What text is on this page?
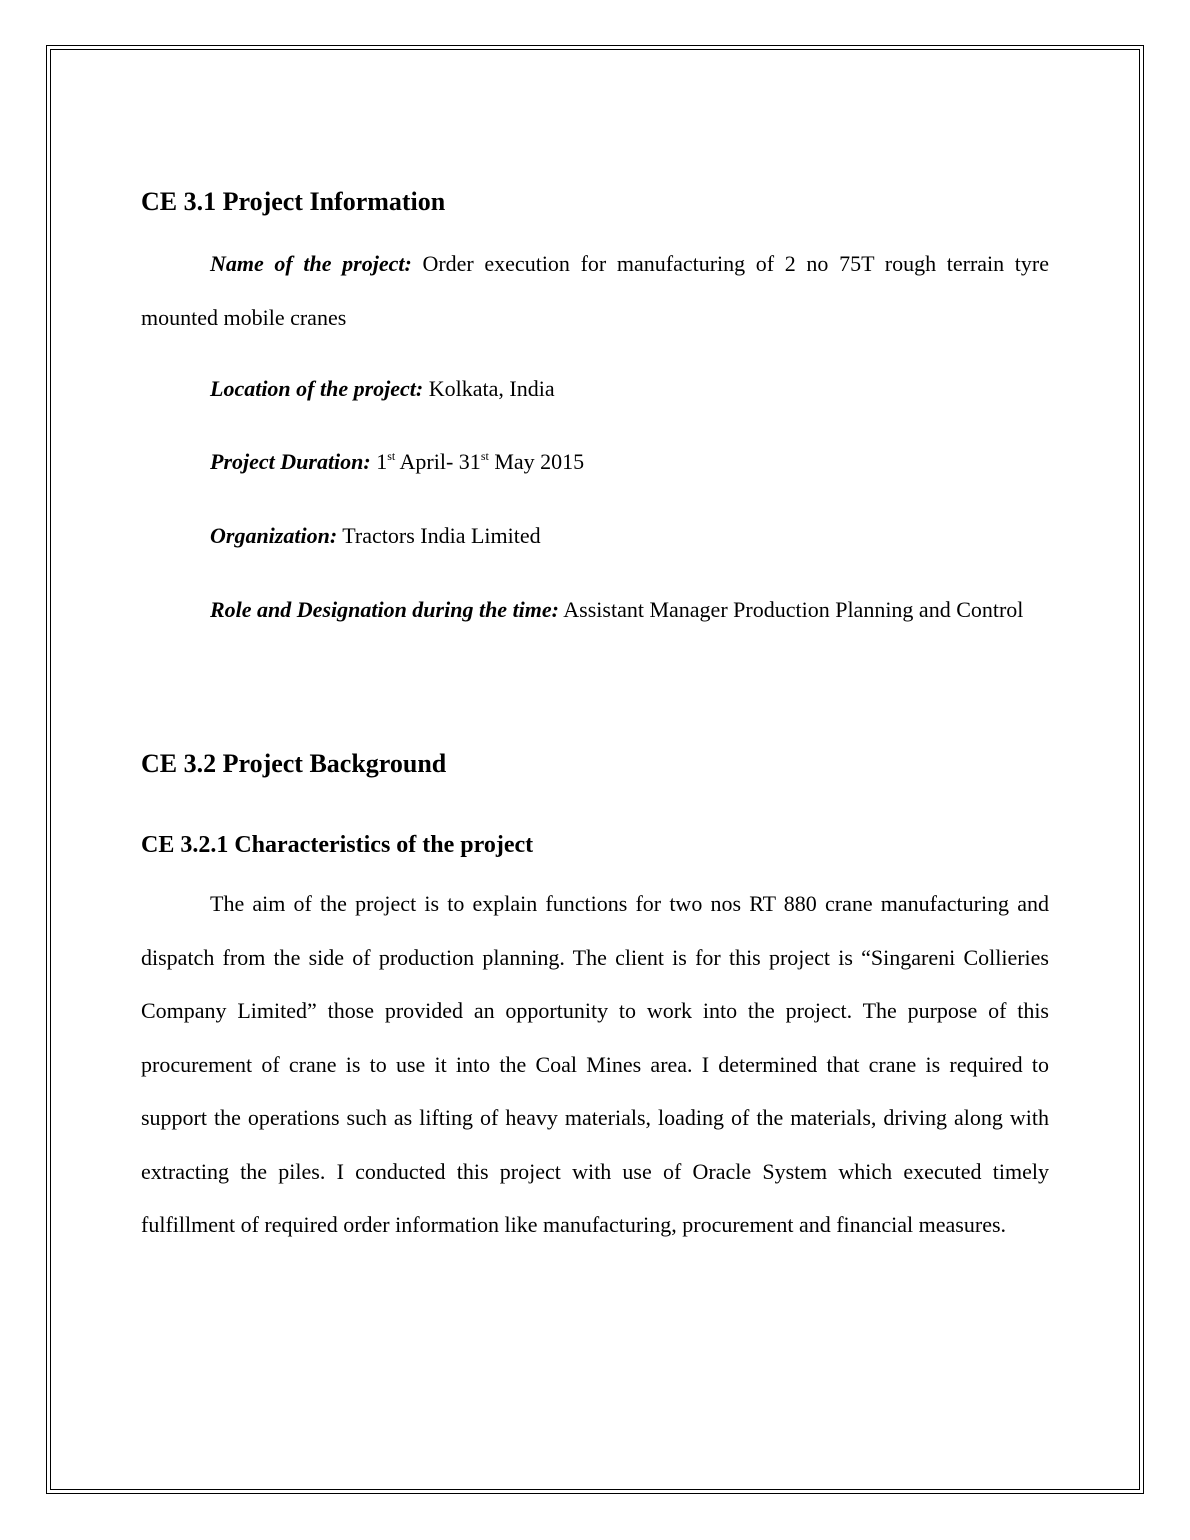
CE 3.1 Project Information

Name of the project: Order execution for manufacturing of 2 no 75T rough terrain tyre mounted mobile cranes

Location of the project: Kolkata, India

Project Duration: 1st April- 31st May 2015

Organization: Tractors India Limited

Role and Designation during the time: Assistant Manager Production Planning and Control

CE 3.2 Project Background
CE 3.2.1 Characteristics of the project

The aim of the project is to explain functions for two nos RT 880 crane manufacturing and dispatch from the side of production planning. The client is for this project is “Singareni Collieries Company Limited” those provided an opportunity to work into the project. The purpose of this procurement of crane is to use it into the Coal Mines area. I determined that crane is required to support the operations such as lifting of heavy materials, loading of the materials, driving along with extracting the piles. I conducted this project with use of Oracle System which executed timely fulfillment of required order information like manufacturing, procurement and financial measures.
